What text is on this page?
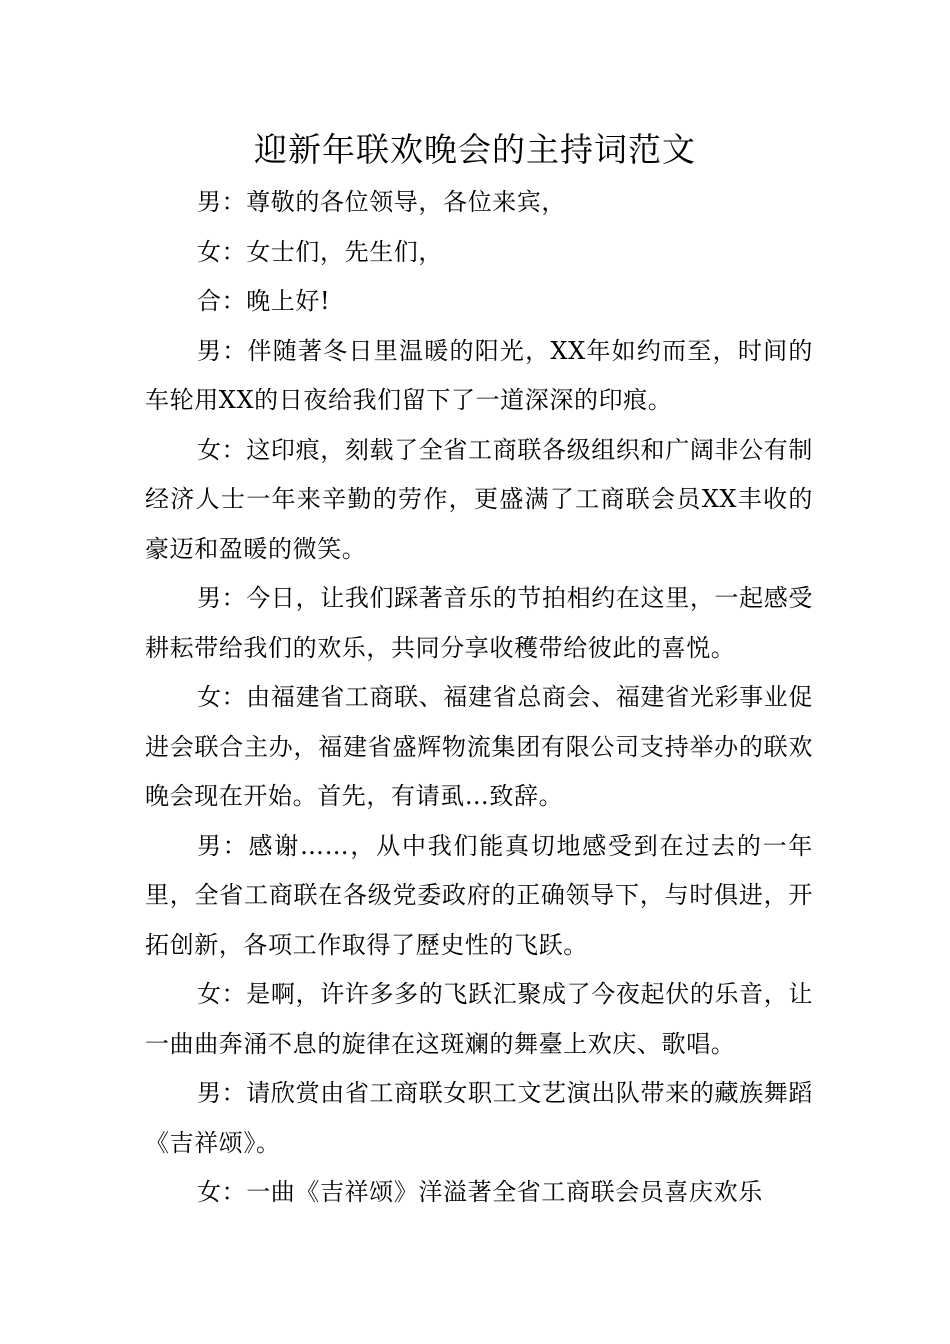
迎新年联欢晚会的主持词范文

男：尊敬的各位领导，各位来宾，

女：女士们，先生们，

合：晚上好!

男：伴随著冬日里温暖的阳光，XX年如约而至，时间的车轮用XX的日夜给我们留下了一道深深的印痕。

女：这印痕，刻载了全省工商联各级组织和广阔非公有制经济人士一年来辛勤的劳作，更盛满了工商联会员XX丰收的豪迈和盈暖的微笑。

男：今日，让我们踩著音乐的节拍相约在这里，一起感受耕耘带给我们的欢乐，共同分享收穫带给彼此的喜悦。

女：由福建省工商联、福建省总商会、福建省光彩事业促进会联合主办，福建省盛辉物流集团有限公司支持举办的联欢晚会现在开始。首先，有请虱…致辞。

男：感谢……，从中我们能真切地感受到在过去的一年里，全省工商联在各级党委政府的正确领导下，与时俱进，开拓创新，各项工作取得了歷史性的飞跃。

女：是啊，许许多多的飞跃汇聚成了今夜起伏的乐音，让一曲曲奔涌不息的旋律在这斑斓的舞臺上欢庆、歌唱。

男：请欣赏由省工商联女职工文艺演出队带来的藏族舞蹈《吉祥颂》。

女：一曲《吉祥颂》洋溢著全省工商联会员喜庆欢乐
